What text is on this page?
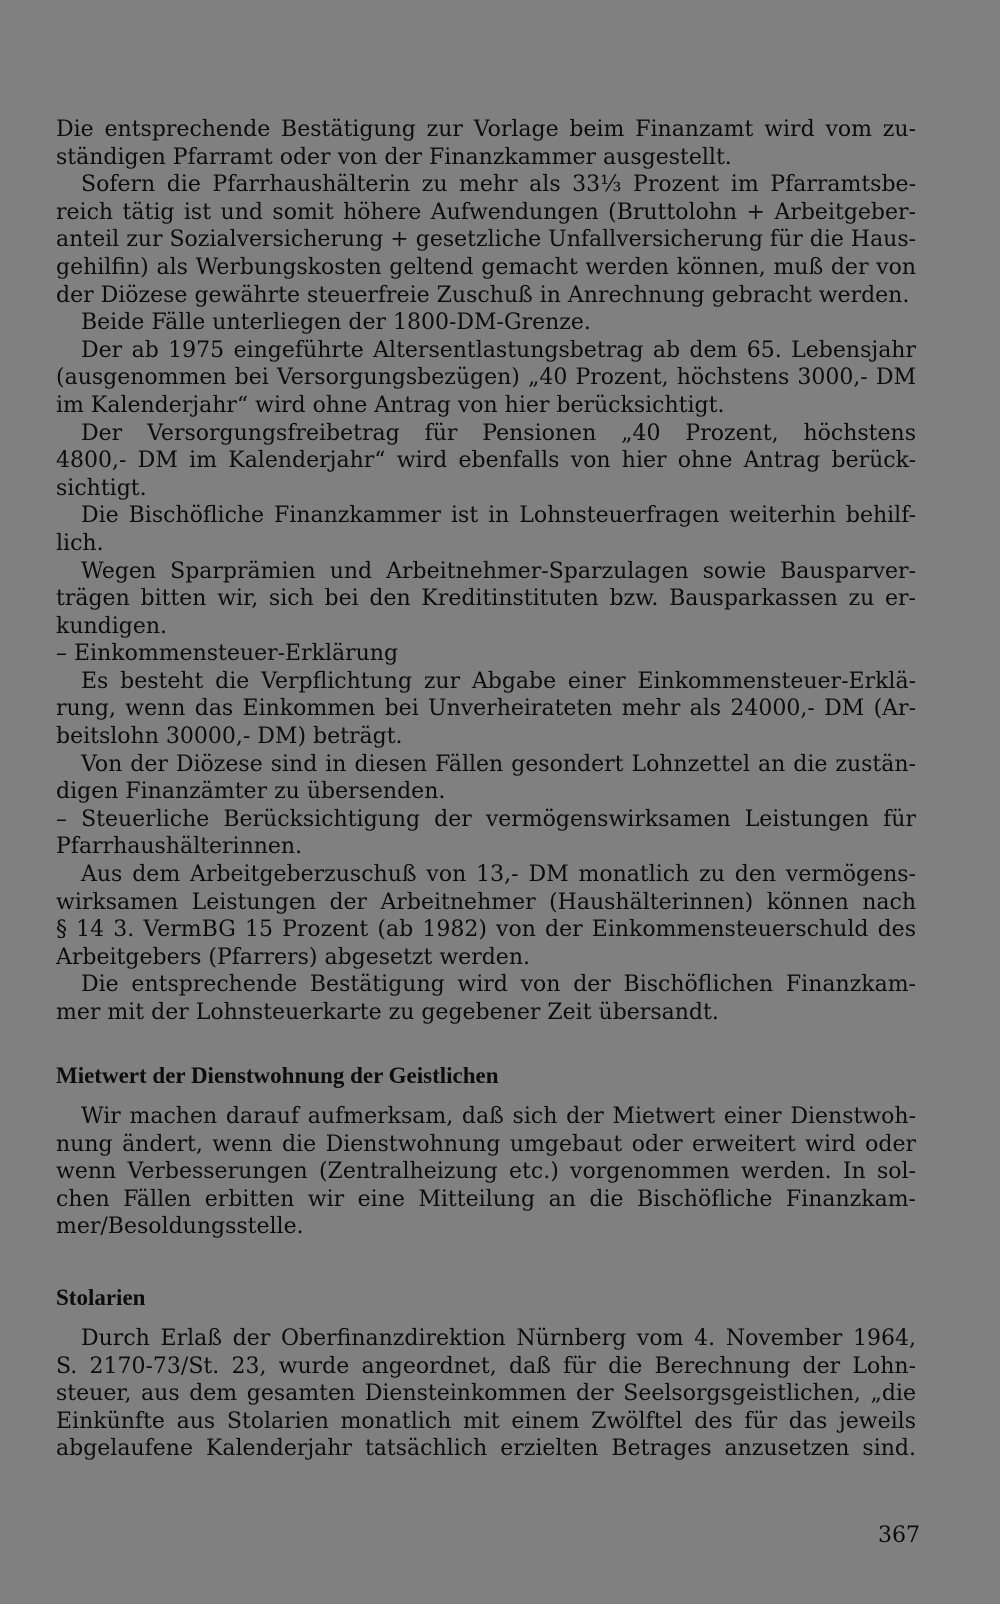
Die entsprechende Bestätigung zur Vorlage beim Finanzamt wird vom zu-
ständigen Pfarramt oder von der Finanzkammer ausgestellt.
Sofern die Pfarrhaushälterin zu mehr als 33⅓ Prozent im Pfarramtsbe-
reich tätig ist und somit höhere Aufwendungen (Bruttolohn + Arbeitgeber-
anteil zur Sozialversicherung + gesetzliche Unfallversicherung für die Haus-
gehilfin) als Werbungskosten geltend gemacht werden können, muß der von
der Diözese gewährte steuerfreie Zuschuß in Anrechnung gebracht werden.
Beide Fälle unterliegen der 1800-DM-Grenze.
Der ab 1975 eingeführte Altersentlastungsbetrag ab dem 65. Lebensjahr
(ausgenommen bei Versorgungsbezügen) „40 Prozent, höchstens 3000,- DM
im Kalenderjahr“ wird ohne Antrag von hier berücksichtigt.
Der Versorgungsfreibetrag für Pensionen „40 Prozent, höchstens
4800,- DM im Kalenderjahr“ wird ebenfalls von hier ohne Antrag berück-
sichtigt.
Die Bischöfliche Finanzkammer ist in Lohnsteuerfragen weiterhin behilf-
lich.
Wegen Sparprämien und Arbeitnehmer-Sparzulagen sowie Bausparver-
trägen bitten wir, sich bei den Kreditinstituten bzw. Bausparkassen zu er-
kundigen.
– Einkommensteuer-Erklärung
Es besteht die Verpflichtung zur Abgabe einer Einkommensteuer-Erklä-
rung, wenn das Einkommen bei Unverheirateten mehr als 24000,- DM (Ar-
beitslohn 30000,- DM) beträgt.
Von der Diözese sind in diesen Fällen gesondert Lohnzettel an die zustän-
digen Finanzämter zu übersenden.
– Steuerliche Berücksichtigung der vermögenswirksamen Leistungen für
Pfarrhaushälterinnen.
Aus dem Arbeitgeberzuschuß von 13,- DM monatlich zu den vermögens-
wirksamen Leistungen der Arbeitnehmer (Haushälterinnen) können nach
§ 14 3. VermBG 15 Prozent (ab 1982) von der Einkommensteuerschuld des
Arbeitgebers (Pfarrers) abgesetzt werden.
Die entsprechende Bestätigung wird von der Bischöflichen Finanzkam-
mer mit der Lohnsteuerkarte zu gegebener Zeit übersandt.
Mietwert der Dienstwohnung der Geistlichen
Wir machen darauf aufmerksam, daß sich der Mietwert einer Dienstwoh-
nung ändert, wenn die Dienstwohnung umgebaut oder erweitert wird oder
wenn Verbesserungen (Zentralheizung etc.) vorgenommen werden. In sol-
chen Fällen erbitten wir eine Mitteilung an die Bischöfliche Finanzkam-
mer/Besoldungsstelle.
Stolarien
Durch Erlaß der Oberfinanzdirektion Nürnberg vom 4. November 1964,
S. 2170-73/St. 23, wurde angeordnet, daß für die Berechnung der Lohn-
steuer, aus dem gesamten Diensteinkommen der Seelsorgsgeistlichen, „die
Einkünfte aus Stolarien monatlich mit einem Zwölftel des für das jeweils
abgelaufene Kalenderjahr tatsächlich erzielten Betrages anzusetzen sind.
367
